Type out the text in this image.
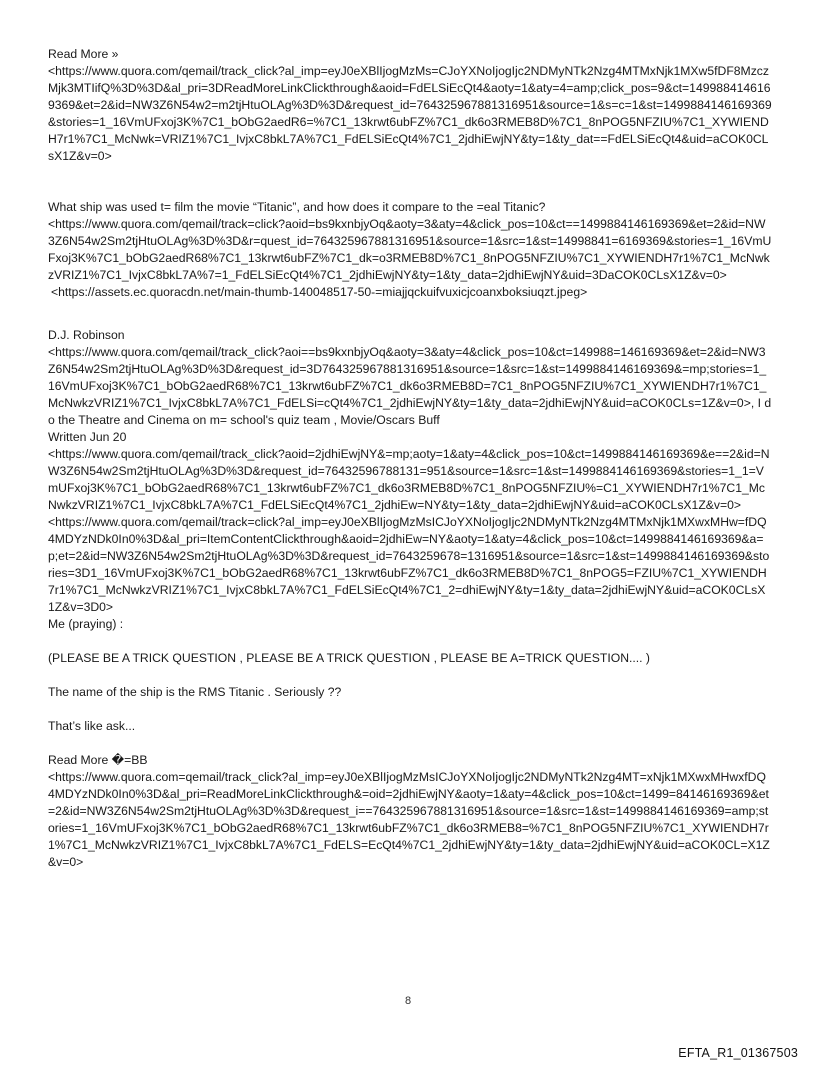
Read More »

<https://www.quora.com/qemail/track_click?al_imp=eyJ0eXBlIjogMzMs=CJoYXNoIjogIjc2NDMyNTk2Nzg4MTMxNjk1MXw5fDF8MzczMjk3MTIifQ%3D%3D&al_pri=3DReadMoreLinkClickthrough&aoid=FdELSiEcQt4&aoty=1&aty=4=amp;click_pos=9&ct=1499884146169369&et=2&id=NW3Z6N54w2=m2tjHtuOLAg%3D%3D&request_id=764325967881316951&source=1&s=c=1&st=1499884146169369&stories=1_16VmUFxoj3K%7C1_bObG2aedR6=%7C1_13krwt6ubFZ%7C1_dk6o3RMEB8D%7C1_8nPOG5NFZIU%7C1_XYWIENDH7r1%7C1_McNwk=VRIZ1%7C1_IvjxC8bkL7A%7C1_FdELSiEcQt4%7C1_2jdhiEwjNY&ty=1&ty_dat==FdELSiEcQt4&uid=aCOK0CLsX1Z&v=0>

What ship was used t= film the movie “Titanic”, and how does it compare to the =eal Titanic?

<https://www.quora.com/qemail/track=click?aoid=bs9kxnbjyOq&aoty=3&aty=4&click_pos=10&ct==1499884146169369&et=2&id=NW3Z6N54w2Sm2tjHtuOLAg%3D%3D&r=quest_id=764325967881316951&source=1&src=1&st=14998841=6169369&stories=1_16VmUFxoj3K%7C1_bObG2aedR68%7C1_13krwt6ubFZ%7C1_dk=o3RMEB8D%7C1_8nPOG5NFZIU%7C1_XYWIENDH7r1%7C1_McNwkzVRIZ1%7C1_IvjxC8bkL7A%7=1_FdELSiEcQt4%7C1_2jdhiEwjNY&ty=1&ty_data=2jdhiEwjNY&uid=3DaCOK0CLsX1Z&v=0>

<https://assets.ec.quoracdn.net/main-thumb-140048517-50-=miajjqckuifvuxicjcoanxboksiuqzt.jpeg>

D.J. Robinson

<https://www.quora.com/qemail/track_click?aoi==bs9kxnbjyOq&aoty=3&aty=4&click_pos=10&ct=149988=146169369&et=2&id=NW3Z6N54w2Sm2tjHtuOLAg%3D%3D&request_id=3D764325967881316951&source=1&src=1&st=1499884146169369&=mp;stories=1_16VmUFxoj3K%7C1_bObG2aedR68%7C1_13krwt6ubFZ%7C1_dk6o3RMEB8D=7C1_8nPOG5NFZIU%7C1_XYWIENDH7r1%7C1_McNwkzVRIZ1%7C1_IvjxC8bkL7A%7C1_FdELSi=cQt4%7C1_2jdhiEwjNY&ty=1&ty_data=2jdhiEwjNY&uid=aCOK0CLs=1Z&v=0>, I do the Theatre and Cinema on m= school's quiz team , Movie/Oscars Buff

Written Jun 20

<https://www.quora.com/qemail/track_click?aoid=2jdhiEwjNY&=mp;aoty=1&aty=4&click_pos=10&ct=1499884146169369&e==2&id=NW3Z6N54w2Sm2tjHtuOLAg%3D%3D&request_id=76432596788131=951&source=1&src=1&st=1499884146169369&stories=1_1=VmUFxoj3K%7C1_bObG2aedR68%7C1_13krwt6ubFZ%7C1_dk6o3RMEB8D%7C1_8nPOG5NFZIU%=C1_XYWIENDH7r1%7C1_McNwkzVRIZ1%7C1_IvjxC8bkL7A%7C1_FdELSiEcQt4%7C1_2jdhiEw=NY&ty=1&ty_data=2jdhiEwjNY&uid=aCOK0CLsX1Z&v=0>

<https://www.quora.com/qemail/track=click?al_imp=eyJ0eXBlIjogMzMsICJoYXNoIjogIjc2NDMyNTk2Nzg4MTMxNjk1MXwxMHw=fDQ4MDYzNDk0In0%3D&al_pri=ItemContentClickthrough&aoid=2jdhiEw=NY&aoty=1&aty=4&click_pos=10&ct=1499884146169369&a=p;et=2&id=NW3Z6N54w2Sm2tjHtuOLAg%3D%3D&request_id=7643259678=1316951&source=1&src=1&st=1499884146169369&stories=3D1_16VmUFxoj3K%7C1_bObG2aedR68%7C1_13krwt6ubFZ%7C1_dk6o3RMEB8D%7C1_8nPOG5=FZIU%7C1_XYWIENDH7r1%7C1_McNwkzVRIZ1%7C1_IvjxC8bkL7A%7C1_FdELSiEcQt4%7C1_2=dhiEwjNY&ty=1&ty_data=2jdhiEwjNY&uid=aCOK0CLsX1Z&v=3D0>

Me (praying) :

(PLEASE BE A TRICK QUESTION , PLEASE BE A TRICK QUESTION , PLEASE BE A=TRICK QUESTION.... )

The name of the ship is the RMS Titanic . Seriously ??

That’s like ask...

Read More �=BB

<https://www.quora.com=qemail/track_click?al_imp=eyJ0eXBlIjogMzMsICJoYXNoIjogIjc2NDMyNTk2Nzg4MT=xNjk1MXwxMHwxfDQ4MDYzNDk0In0%3D&al_pri=ReadMoreLinkClickthrough&=oid=2jdhiEwjNY&aoty=1&aty=4&click_pos=10&ct=1499=84146169369&et=2&id=NW3Z6N54w2Sm2tjHtuOLAg%3D%3D&request_i==764325967881316951&source=1&src=1&st=1499884146169369=amp;stories=1_16VmUFxoj3K%7C1_bObG2aedR68%7C1_13krwt6ubFZ%7C1_dk6o3RMEB8=%7C1_8nPOG5NFZIU%7C1_XYWIENDH7r1%7C1_McNwkzVRIZ1%7C1_IvjxC8bkL7A%7C1_FdELS=EcQt4%7C1_2jdhiEwjNY&ty=1&ty_data=2jdhiEwjNY&uid=aCOK0CL=X1Z&v=0>

8
EFTA_R1_01367503
